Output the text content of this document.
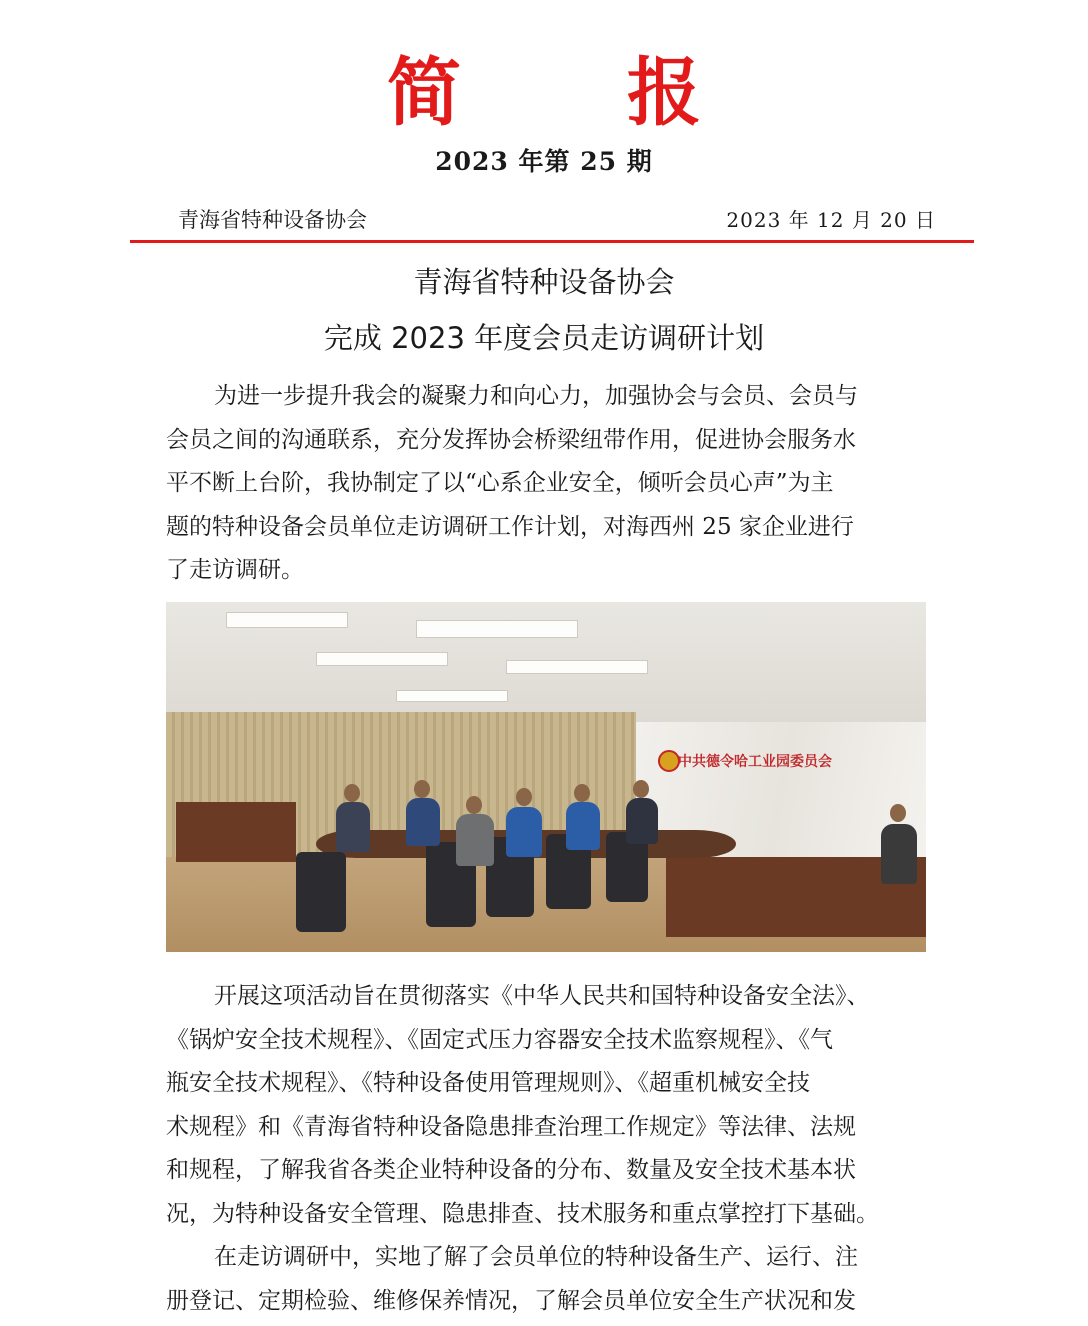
简 报
2023 年第 25 期
青海省特种设备协会	2023 年 12 月 20 日
青海省特种设备协会
完成 2023 年度会员走访调研计划
为进一步提升我会的凝聚力和向心力，加强协会与会员、会员与
会员之间的沟通联系，充分发挥协会桥梁纽带作用，促进协会服务水
平不断上台阶，我协制定了以“心系企业安全，倾听会员心声”为主
题的特种设备会员单位走访调研工作计划，对海西州 25 家企业进行
了走访调研。
中共德令哈工业园委员会
开展这项活动旨在贯彻落实《中华人民共和国特种设备安全法》、
《锅炉安全技术规程》、《固定式压力容器安全技术监察规程》、《气
瓶安全技术规程》、《特种设备使用管理规则》、《超重机械安全技
术规程》和《青海省特种设备隐患排查治理工作规定》等法律、法规
和规程，了解我省各类企业特种设备的分布、数量及安全技术基本状
况，为特种设备安全管理、隐患排查、技术服务和重点掌控打下基础。
在走访调研中，实地了解了会员单位的特种设备生产、运行、注
册登记、定期检验、维修保养情况，了解会员单位安全生产状况和发
